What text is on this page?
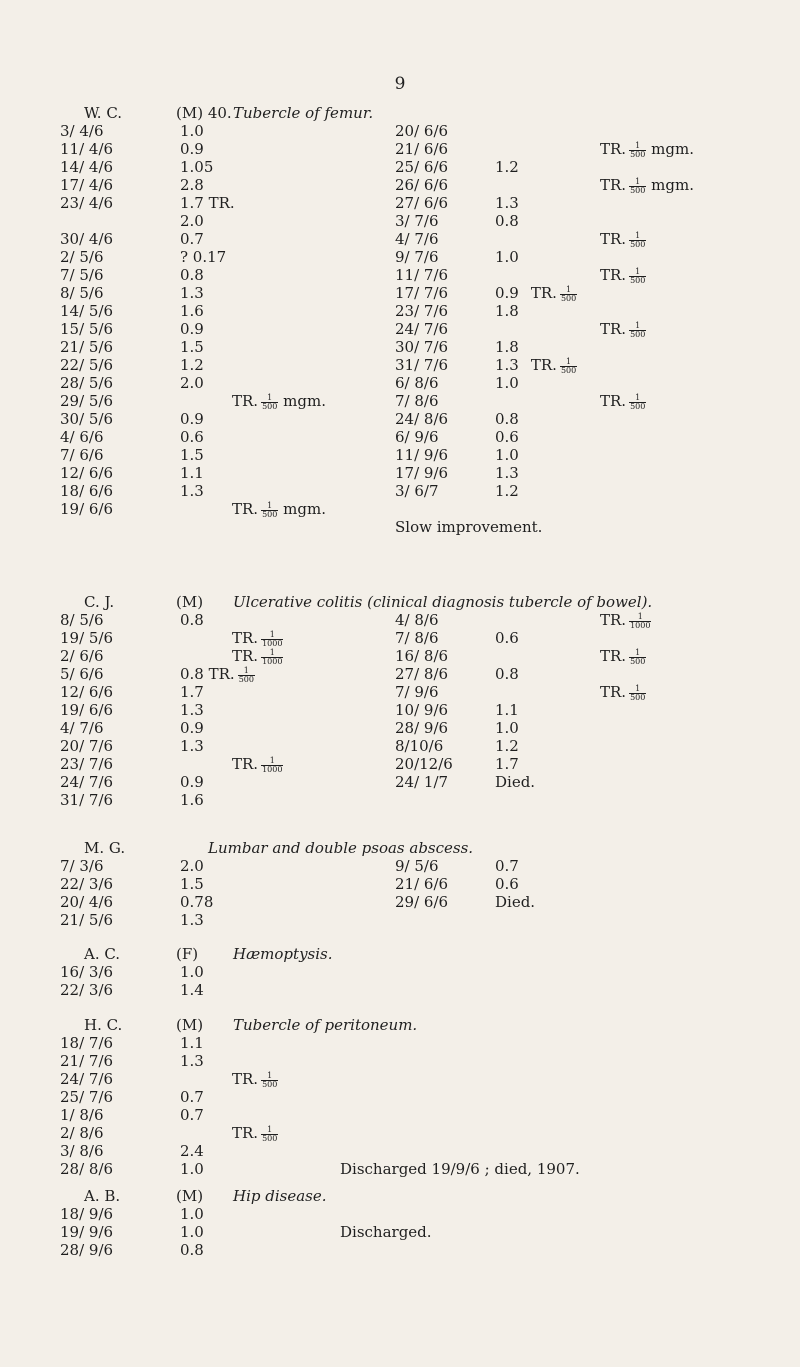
9
W. C.	(M) 40. Tubercle of femur.
3/ 4/6	1.0	20/ 6/6
11/ 4/6	0.9	21/ 6/6	TR. $\frac{1}{500}$ mgm.
14/ 4/6	1.05	25/ 6/6	1.2
17/ 4/6	2.8	26/ 6/6	TR. $\frac{1}{500}$ mgm.
23/ 4/6	1.7 TR.	27/ 6/6	1.3
2.0	3/ 7/6	0.8
30/ 4/6	0.7	4/ 7/6	TR. $\frac{1}{500}$
2/ 5/6	? 0.17	9/ 7/6	1.0
7/ 5/6	0.8	11/ 7/6	TR. $\frac{1}{500}$
8/ 5/6	1.3	17/ 7/6	0.9 TR. $\frac{1}{500}$
14/ 5/6	1.6	23/ 7/6	1.8
15/ 5/6	0.9	24/ 7/6	TR. $\frac{1}{500}$
21/ 5/6	1.5	30/ 7/6	1.8
22/ 5/6	1.2	31/ 7/6	1.3 TR. $\frac{1}{500}$
28/ 5/6	2.0	6/ 8/6	1.0
29/ 5/6	TR. $\frac{1}{500}$ mgm.	7/ 8/6	TR. $\frac{1}{500}$
30/ 5/6	0.9	24/ 8/6	0.8
4/ 6/6	0.6	6/ 9/6	0.6
7/ 6/6	1.5	11/ 9/6	1.0
12/ 6/6	1.1	17/ 9/6	1.3
18/ 6/6	1.3	3/ 6/7	1.2
19/ 6/6	TR. $\frac{1}{500}$ mgm.
Slow improvement.
C. J.	(M) Ulcerative colitis (clinical diagnosis tubercle of bowel).
8/ 5/6	0.8	4/ 8/6	TR. $\frac{1}{1000}$
19/ 5/6	TR. $\frac{1}{1000}$	7/ 8/6	0.6
2/ 6/6	TR. $\frac{1}{1000}$	16/ 8/6	TR. $\frac{1}{500}$
5/ 6/6	0.8 TR. $\frac{1}{500}$	27/ 8/6	0.8
12/ 6/6	1.7	7/ 9/6	TR. $\frac{1}{500}$
19/ 6/6	1.3	10/ 9/6	1.1
4/ 7/6	0.9	28/ 9/6	1.0
20/ 7/6	1.3	8/10/6	1.2
23/ 7/6	TR. $\frac{1}{1000}$	20/12/6	1.7
24/ 7/6	0.9	24/ 1/7	Died.
31/ 7/6	1.6
M. G.	Lumbar and double psoas abscess.
7/ 3/6	2.0	9/ 5/6	0.7
22/ 3/6	1.5	21/ 6/6	0.6
20/ 4/6	0.78	29/ 6/6	Died.
21/ 5/6	1.3
A. C.	(F) Hæmoptysis.
16/ 3/6	1.0
22/ 3/6	1.4
H. C.	(M) Tubercle of peritoneum.
18/ 7/6	1.1
21/ 7/6	1.3
24/ 7/6	TR. $\frac{1}{500}$
25/ 7/6	0.7
1/ 8/6	0.7
2/ 8/6	TR. $\frac{1}{500}$
3/ 8/6	2.4
28/ 8/6	1.0	Discharged 19/9/6 ; died, 1907.
A. B.	(M) Hip disease.
18/ 9/6	1.0
19/ 9/6	1.0	Discharged.
28/ 9/6	0.8
